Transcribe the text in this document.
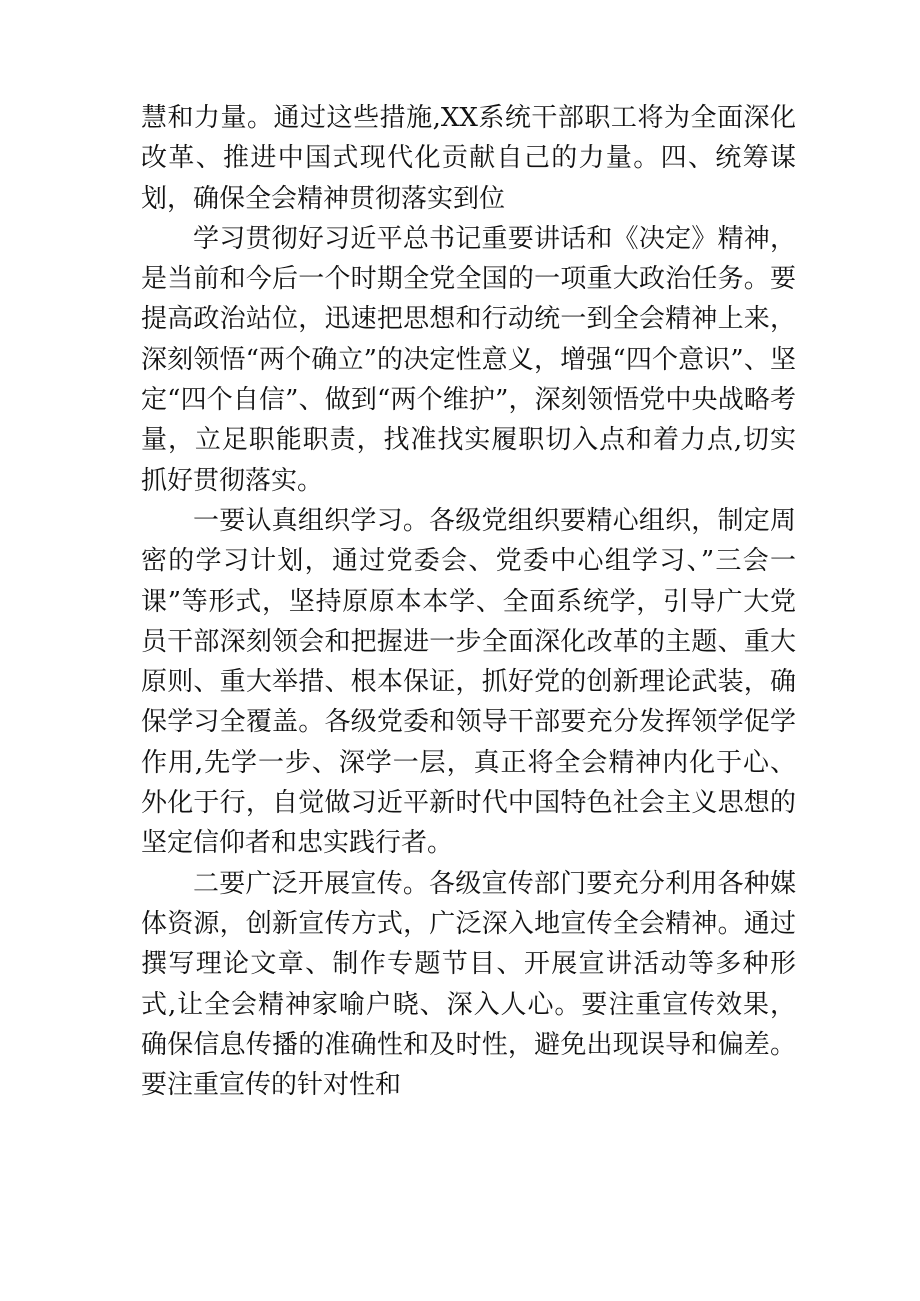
慧和力量。通过这些措施,XX系统干部职工将为全面深化改革、推进中国式现代化贡献自己的力量。四、统筹谋划，确保全会精神贯彻落实到位

学习贯彻好习近平总书记重要讲话和《决定》精神，是当前和今后一个时期全党全国的一项重大政治任务。要提高政治站位，迅速把思想和行动统一到全会精神上来，深刻领悟“两个确立”的决定性意义，增强“四个意识”、坚定“四个自信”、做到“两个维护”，深刻领悟党中央战略考量，立足职能职责，找准找实履职切入点和着力点,切实抓好贯彻落实。

一要认真组织学习。各级党组织要精心组织，制定周密的学习计划，通过党委会、党委中心组学习、”三会一课”等形式，坚持原原本本学、全面系统学，引导广大党员干部深刻领会和把握进一步全面深化改革的主题、重大原则、重大举措、根本保证，抓好党的创新理论武装，确保学习全覆盖。各级党委和领导干部要充分发挥领学促学作用,先学一步、深学一层，真正将全会精神内化于心、外化于行，自觉做习近平新时代中国特色社会主义思想的坚定信仰者和忠实践行者。

二要广泛开展宣传。各级宣传部门要充分利用各种媒体资源，创新宣传方式，广泛深入地宣传全会精神。通过撰写理论文章、制作专题节目、开展宣讲活动等多种形式,让全会精神家喻户晓、深入人心。要注重宣传效果，确保信息传播的准确性和及时性，避免出现误导和偏差。要注重宣传的针对性和
